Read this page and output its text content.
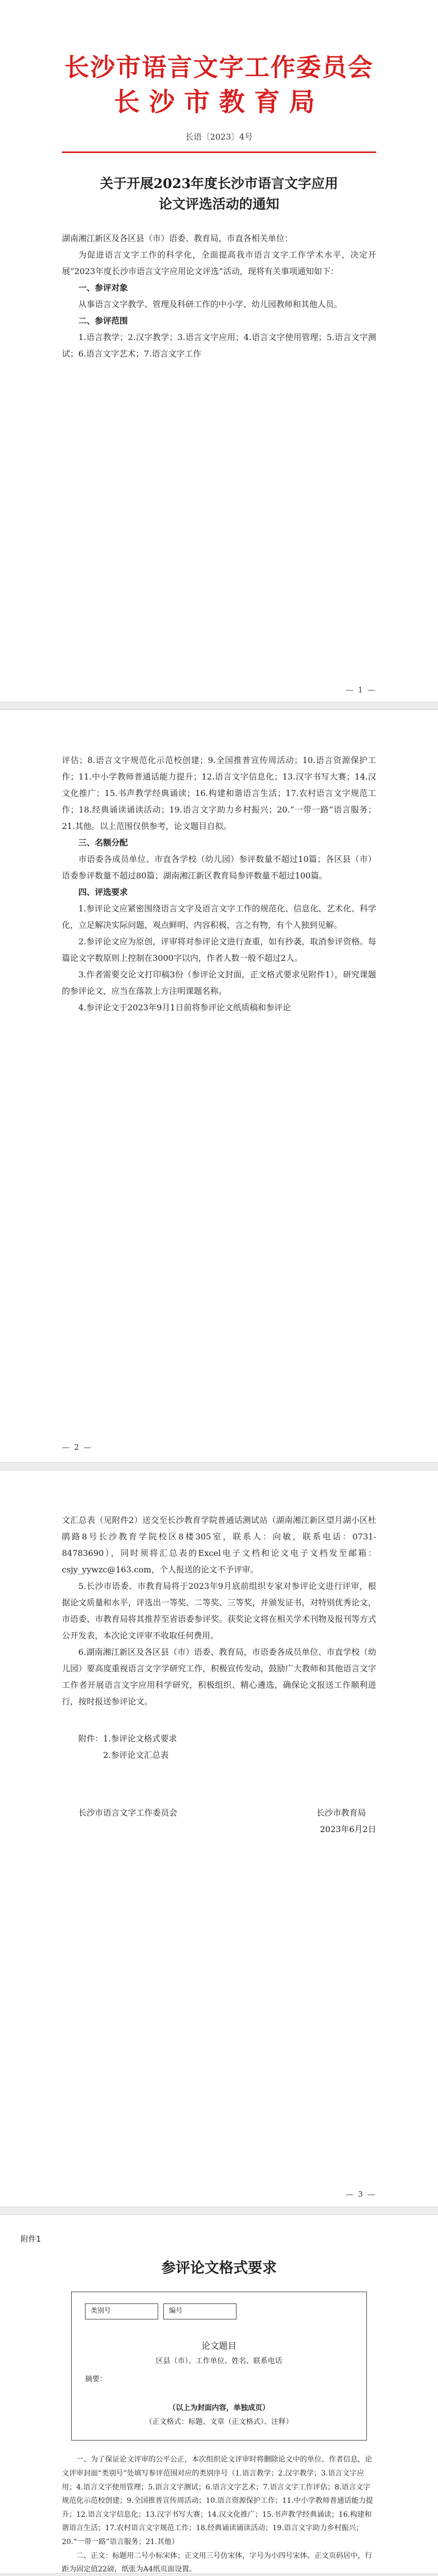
长沙市语言文字工作委员会
长沙市教育局
长语〔2023〕4号
关于开展2023年度长沙市语言文字应用
论文评选活动的通知

湖南湘江新区及各区县（市）语委、教育局，市直各相关单位：

为促进语言文字工作的科学化，全面提高我市语言文字工作学术水平，决定开展“2023年度长沙市语言文字应用论文评选”活动，现将有关事项通知如下：

一、参评对象

从事语言文字教学、管理及科研工作的中小学、幼儿园教师和其他人员。

二、参评范围

1.语言教学；2.汉字教学；3.语言文字应用；4.语言文字使用管理；5.语言文字测试；6.语言文字艺术；7.语言文字工作

— 1 —

评估；8.语言文字规范化示范校创建；9.全国推普宣传周活动；10.语言资源保护工作；11.中小学教师普通话能力提升；12.语言文字信息化；13.汉字书写大赛；14.汉文化推广；15.书声教学经典诵读；16.构建和谐语言生活；17.农村语言文字规范工作；18.经典诵读诵读活动；19.语言文字助力乡村振兴；20.“一带一路”语言服务；21.其他。以上范围仅供参考，论文题目自拟。

三、名额分配

市语委各成员单位、市直各学校（幼儿园）参评数量不超过10篇；各区县（市）语委参评数量不超过80篇；湖南湘江新区教育局参评数量不超过100篇。

四、评选要求

1.参评论文应紧密围绕语言文字及语言文字工作的规范化、信息化、艺术化、科学化，立足解决实际问题，观点鲜明、内容积极，言之有物，有个人独到见解。

2.参评论文应为原创，评审将对参评论文进行查重，如有抄袭，取消参评资格。每篇论文字数原则上控制在3000字以内，作者人数一般不超过2人。

3.作者需要交论文打印稿3份（参评论文封面，正文格式要求见附件1），研究课题的参评论文，应当在落款上方注明课题名称。

4.参评论文于2023年9月1日前将参评论文纸质稿和参评论

— 2 —

文汇总表（见附件2）送交至长沙教育学院普通话测试站（湖南湘江新区望月湖小区杜鹃路8号长沙教育学院校区8楼305室，联系人：向敏，联系电话：0731-84783690），同时须将汇总表的Excel电子文档和论文电子文档发至邮箱：csjy_yywzc@163.com，个人报送的论文不予评审。

5.长沙市语委、市教育局将于2023年9月底前组织专家对参评论文进行评审，根据论文质量和水平，评选出一等奖、二等奖、三等奖，并颁发证书，对特别优秀论文，市语委、市教育局将其推荐至省语委参评奖。获奖论文将在相关学术刊物及报刊等方式公开发表，本次论文评审不收取任何费用。

6.湖南湘江新区及各区县（市）语委、教育局，市语委各成员单位、市直学校（幼儿园）要高度重视语言文字学研究工作，积极宣传发动，鼓励广大教师和其他语言文字工作者开展语言文字应用科学研究，积极组织、精心遴选，确保论文报送工作顺利进行，按时报送参评论文。

附件：1.参评论文格式要求

2.参评论文汇总表

长沙市语言文字工作委员会	长沙市教育局
2023年6月2日
— 3 —
附件1
参评论文格式要求
类别号	编号
论文题目
区县（市）、工作单位、姓名、联系电话
摘要：
（以上为封面内容，单独成页）
（正文格式：标题、文章（正文格式）、注释）

一、为了保证论文评审的公平公正，本次组织论文评审时将删除论文中的单位、作者信息，论文评审封面“类别号”处填写参评范围对应的类别序号（1.语言教学；2.汉字教学；3.语言文字应用；4.语言文字使用管理；5.语言文字测试；6.语言文字艺术；7.语言文字工作评估；8.语言文字规范化示范校创建；9.全国推普宣传周活动；10.语言资源保护工作；11.中小学教师普通话能力提升；12.语言文字信息化；13.汉字书写大赛；14.汉文化推广；15.书声教学经典诵读；16.构建和谐语言生活；17.农村语言文字规范工作；18.经典诵读诵读活动；19.语言文字助力乡村振兴；20.“一带一路”语言服务；21.其他）

二、正文：标题用二号小标宋体；正文用三号仿宋体，字号为小四号宋体。正文页码居中，行距为固定值22磅，纸张为A4纸页面设置。
